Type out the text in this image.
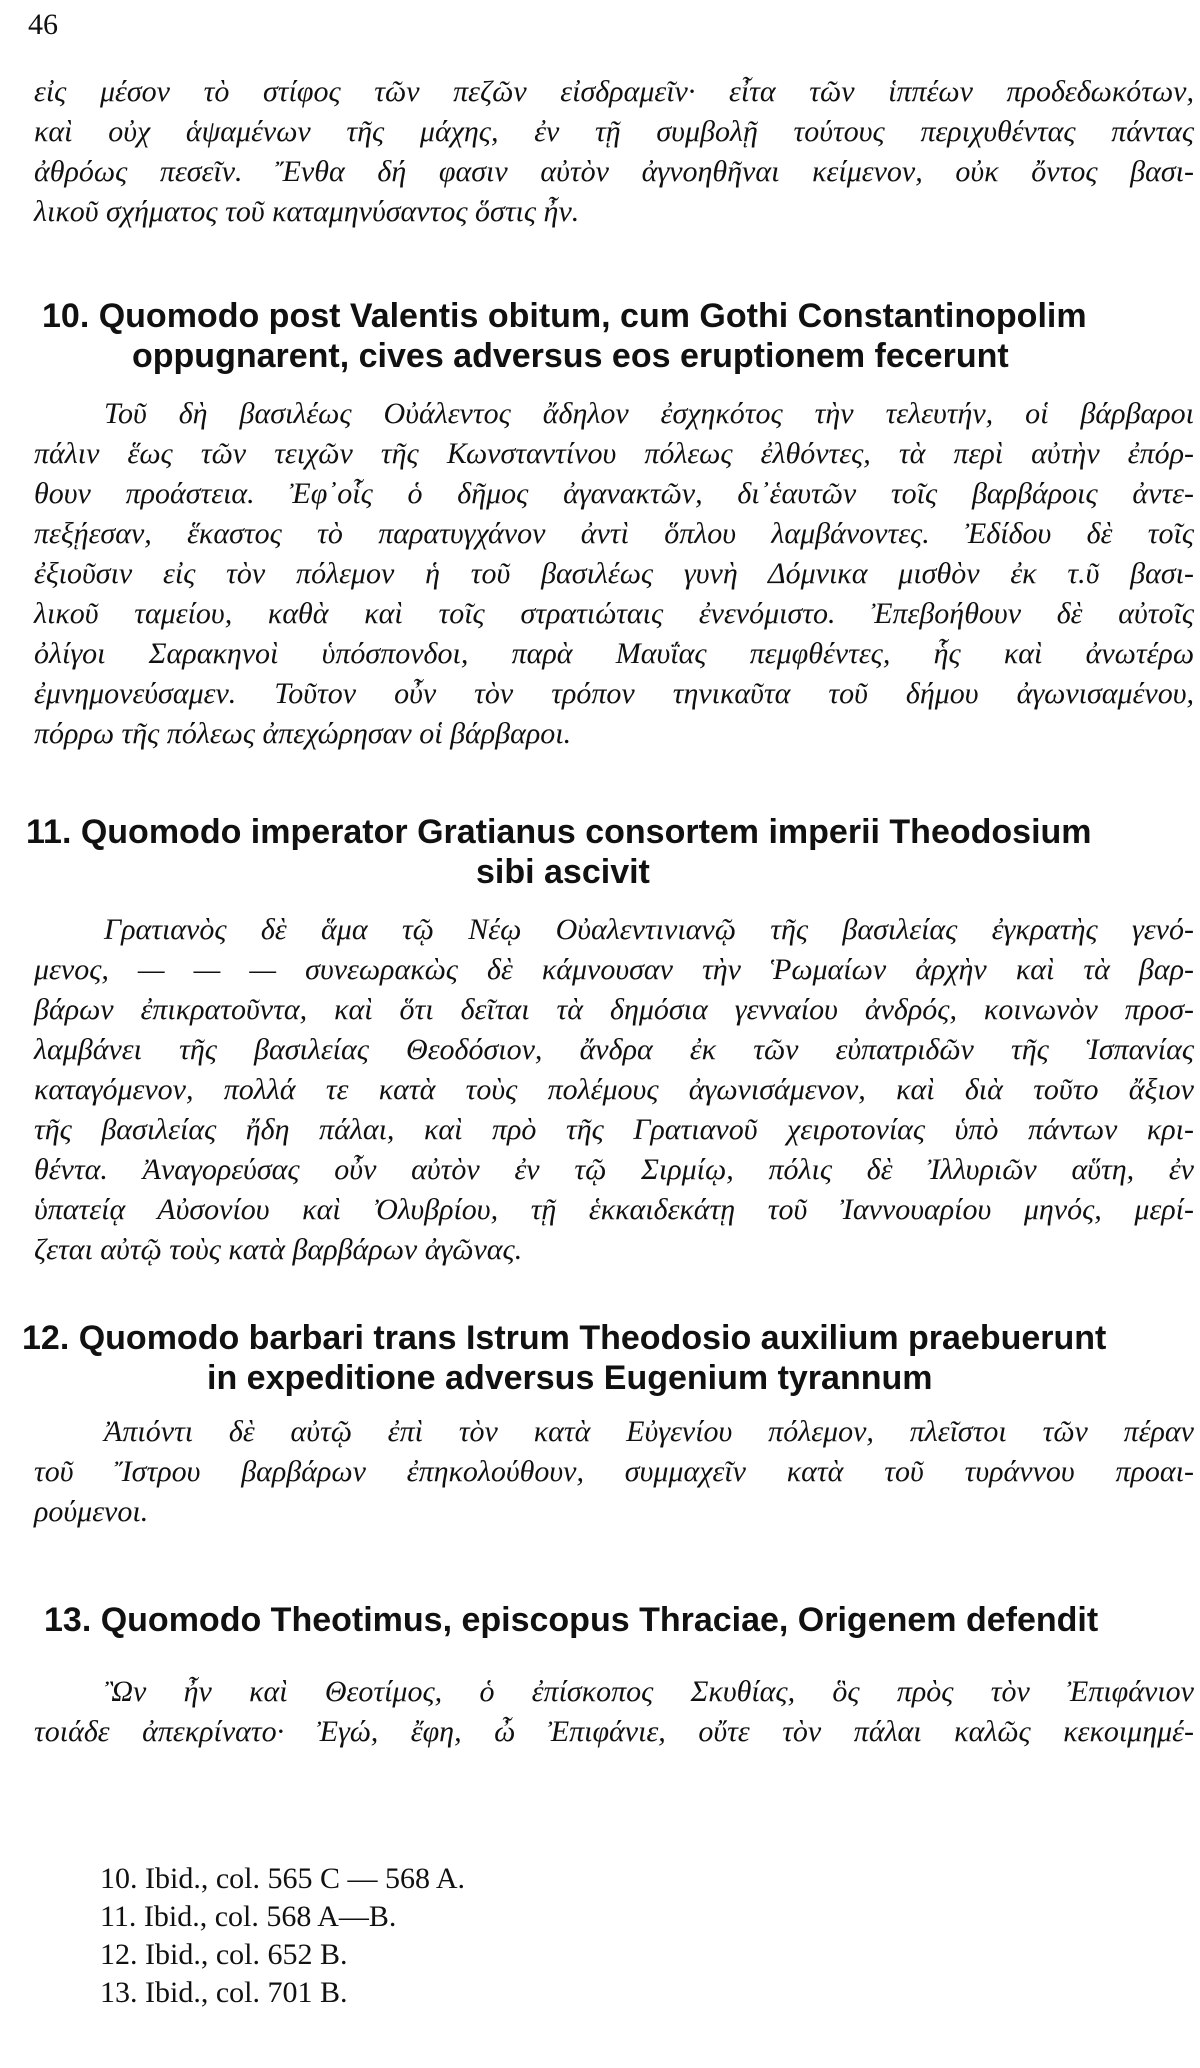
46
εἰς μέσον τὸ στίφος τῶν πεζῶν εἰσδραμεῖν· εἶτα τῶν ἱππέων προδεδωκότων,
καὶ οὐχ ἁψαμένων τῆς μάχης, ἐν τῇ συμβολῇ τούτους περιχυθέντας πάντας
ἀθρόως πεσεῖν. Ἔνθα δή φασιν αὐτὸν ἀγνοηθῆναι κείμενον, οὐκ ὄντος βασι-
λικοῦ σχήματος τοῦ καταμηνύσαντος ὅστις ἦν.
10. Quomodo post Valentis obitum, cum Gothi Constantinopolim
oppugnarent, cives adversus eos eruptionem fecerunt
Τοῦ δὴ βασιλέως Οὐάλεντος ἄδηλον ἐσχηκότος τὴν τελευτήν, οἱ βάρβαροι
πάλιν ἕως τῶν τειχῶν τῆς Κωνσταντίνου πόλεως ἐλθόντες, τὰ περὶ αὐτὴν ἐπόρ-
θουν προάστεια. Ἐφ᾿οἷς ὁ δῆμος ἀγανακτῶν, δι᾿ἑαυτῶν τοῖς βαρβάροις ἀντε-
πεξῄεσαν, ἕκαστος τὸ παρατυγχάνον ἀντὶ ὅπλου λαμβάνοντες. Ἐδίδου δὲ τοῖς
ἐξιοῦσιν εἰς τὸν πόλεμον ἡ τοῦ βασιλέως γυνὴ Δόμνικα μισθὸν ἐκ τ.ῦ βασι-
λικοῦ ταμείου, καθὰ καὶ τοῖς στρατιώταις ἐνενόμιστο. Ἐπεβοήθουν δὲ αὐτοῖς
ὀλίγοι Σαρακηνοὶ ὑπόσπονδοι, παρὰ Μαυΐας πεμφθέντες, ἧς καὶ ἀνωτέρω
ἐμνημονεύσαμεν. Τοῦτον οὖν τὸν τρόπον τηνικαῦτα τοῦ δήμου ἀγωνισαμένου,
πόρρω τῆς πόλεως ἀπεχώρησαν οἱ βάρβαροι.
11. Quomodo imperator Gratianus consortem imperii Theodosium
sibi ascivit
Γρατιανὸς δὲ ἅμα τῷ Νέῳ Οὐαλεντινιανῷ τῆς βασιλείας ἐγκρατὴς γενό-
μενος, — — — συνεωρακὼς δὲ κάμνουσαν τὴν Ῥωμαίων ἀρχὴν καὶ τὰ βαρ-
βάρων ἐπικρατοῦντα, καὶ ὅτι δεῖται τὰ δημόσια γενναίου ἀνδρός, κοινωνὸν προσ-
λαμβάνει τῆς βασιλείας Θεοδόσιον, ἄνδρα ἐκ τῶν εὐπατριδῶν τῆς Ἱσπανίας
καταγόμενον, πολλά τε κατὰ τοὺς πολέμους ἀγωνισάμενον, καὶ διὰ τοῦτο ἄξιον
τῆς βασιλείας ἤδη πάλαι, καὶ πρὸ τῆς Γρατιανοῦ χειροτονίας ὑπὸ πάντων κρι-
θέντα. Ἀναγορεύσας οὖν αὐτὸν ἐν τῷ Σιρμίῳ, πόλις δὲ Ἰλλυριῶν αὕτη, ἐν
ὑπατείᾳ Αὐσονίου καὶ Ὀλυβρίου, τῇ ἑκκαιδεκάτῃ τοῦ Ἰαννουαρίου μηνός, μερί-
ζεται αὐτῷ τοὺς κατὰ βαρβάρων ἀγῶνας.
12. Quomodo barbari trans Istrum Theodosio auxilium praebuerunt
in expeditione adversus Eugenium tyrannum
Ἀπιόντι δὲ αὐτῷ ἐπὶ τὸν κατὰ Εὐγενίου πόλεμον, πλεῖστοι τῶν πέραν
τοῦ Ἴστρου βαρβάρων ἐπηκολούθουν, συμμαχεῖν κατὰ τοῦ τυράννου προαι-
ρούμενοι.
13. Quomodo Theotimus, episcopus Thraciae, Origenem defendit
Ὢν ἦν καὶ Θεοτίμος, ὁ ἐπίσκοπος Σκυθίας, ὃς πρὸς τὸν Ἐπιφάνιον
τοιάδε ἀπεκρίνατο· Ἐγώ, ἔφη, ὦ Ἐπιφάνιε, οὔτε τὸν πάλαι καλῶς κεκοιμημέ-
10. Ibid., col. 565 C — 568 A.
11. Ibid., col. 568 A—B.
12. Ibid., col. 652 B.
13. Ibid., col. 701 B.
